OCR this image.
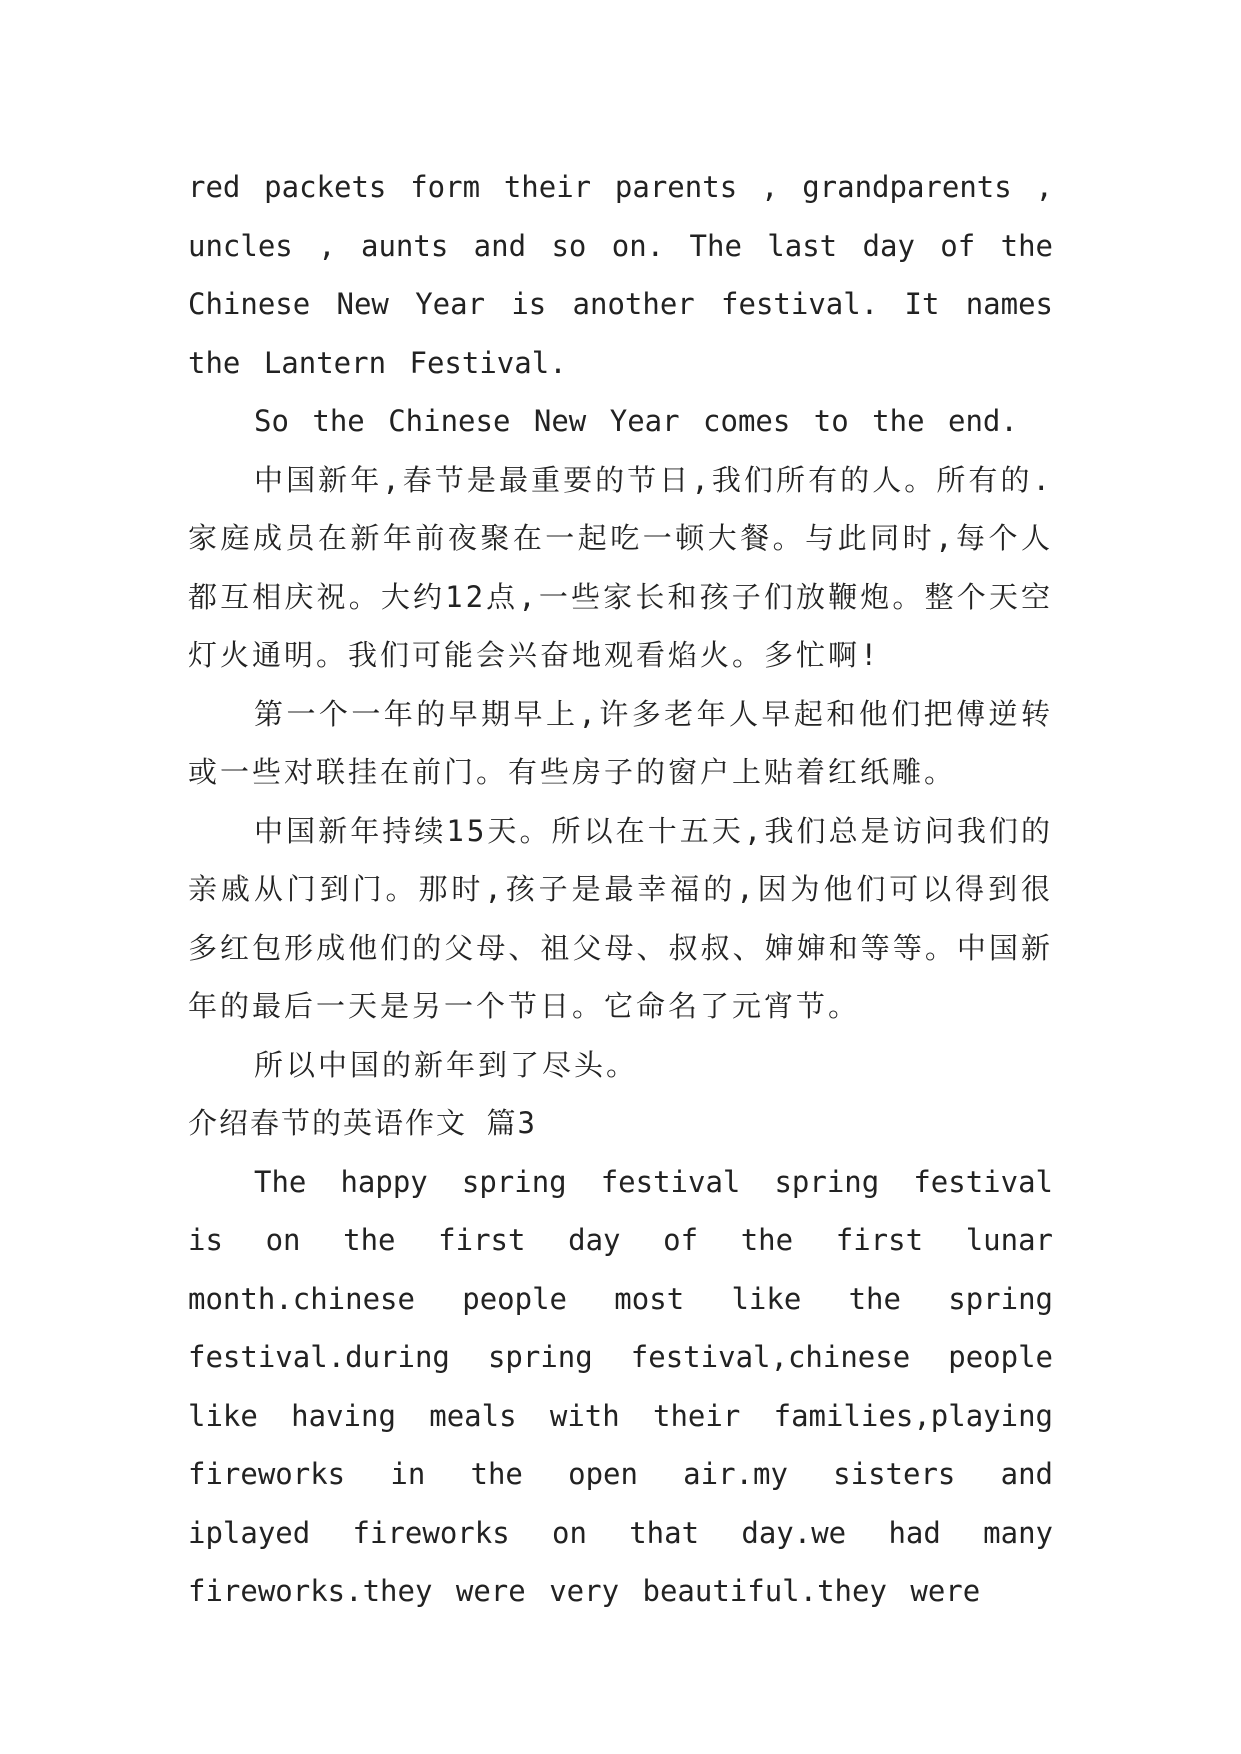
red packets form their parents , grandparents , uncles , aunts and so on. The last day of the Chinese New Year is another festival. It names the Lantern Festival.

So the Chinese New Year comes to the end.

中国新年,春节是最重要的节日,我们所有的人。所有的.家庭成员在新年前夜聚在一起吃一顿大餐。与此同时,每个人都互相庆祝。大约12点,一些家长和孩子们放鞭炮。整个天空灯火通明。我们可能会兴奋地观看焰火。多忙啊!

第一个一年的早期早上,许多老年人早起和他们把傅逆转或一些对联挂在前门。有些房子的窗户上贴着红纸雕。

中国新年持续15天。所以在十五天,我们总是访问我们的亲戚从门到门。那时,孩子是最幸福的,因为他们可以得到很多红包形成他们的父母、祖父母、叔叔、婶婶和等等。中国新年的最后一天是另一个节日。它命名了元宵节。

所以中国的新年到了尽头。

介绍春节的英语作文 篇3

The happy spring festival spring festival is on the first day of the first lunar month.chinese people most like the spring festival.during spring festival,chinese people like having meals with their families,playing fireworks in the open air.my sisters and iplayed fireworks on that day.we had many fireworks.they were very beautiful.they were
